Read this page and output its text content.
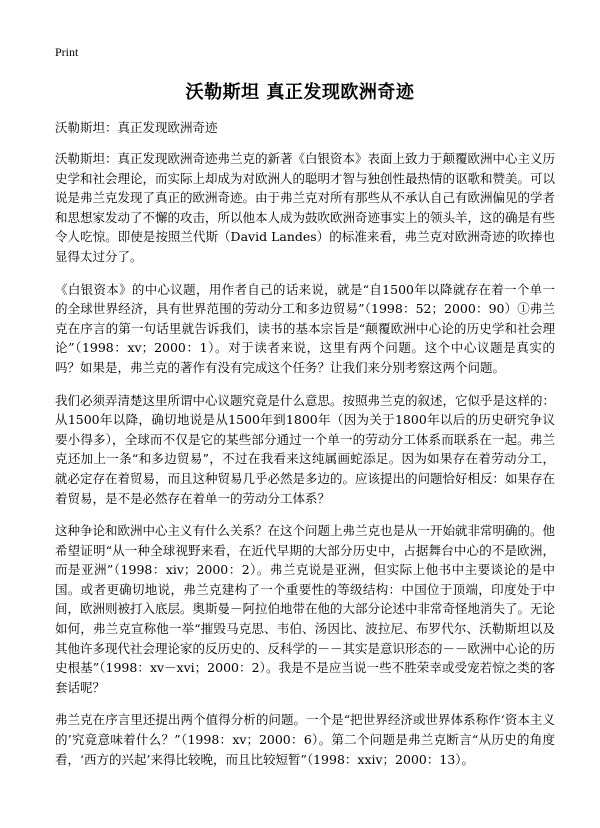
Print
沃勒斯坦 真正发现欧洲奇迹

沃勒斯坦：真正发现欧洲奇迹

沃勒斯坦：真正发现欧洲奇迹弗兰克的新著《白银资本》表面上致力于颠覆欧洲中心主义历史学和社会理论，而实际上却成为对欧洲人的聪明才智与独创性最热情的讴歌和赞美。可以说是弗兰克发现了真正的欧洲奇迹。由于弗兰克对所有那些从不承认自己有欧洲偏见的学者和思想家发动了不懈的攻击，所以他本人成为鼓吹欧洲奇迹事实上的领头羊，这的确是有些令人吃惊。即使是按照兰代斯（David Landes）的标准来看，弗兰克对欧洲奇迹的吹捧也显得太过分了。

《白银资本》的中心议题，用作者自己的话来说，就是“自1500年以降就存在着一个单一的全球世界经济，具有世界范围的劳动分工和多边贸易”（1998：52；2000：90）①弗兰克在序言的第一句话里就告诉我们，读书的基本宗旨是“颠覆欧洲中心论的历史学和社会理论”（1998：xv；2000：1）。对于读者来说，这里有两个问题。这个中心议题是真实的吗？如果是，弗兰克的著作有没有完成这个任务？让我们来分别考察这两个问题。

我们必须弄清楚这里所谓中心议题究竟是什么意思。按照弗兰克的叙述，它似乎是这样的：从1500年以降，确切地说是从1500年到1800年（因为关于1800年以后的历史研究争议要小得多），全球而不仅是它的某些部分通过一个单一的劳动分工体系而联系在一起。弗兰克还加上一条“和多边贸易”，不过在我看来这纯属画蛇添足。因为如果存在着劳动分工，就必定存在着贸易，而且这种贸易几乎必然是多边的。应该提出的问题恰好相反：如果存在着贸易，是不是必然存在着单一的劳动分工体系？

这种争论和欧洲中心主义有什么关系？在这个问题上弗兰克也是从一开始就非常明确的。他希望证明“从一种全球视野来看，在近代早期的大部分历史中，占据舞台中心的不是欧洲，而是亚洲”（1998：xiv；2000：2）。弗兰克说是亚洲，但实际上他书中主要谈论的是中国。或者更确切地说，弗兰克建构了一个重要性的等级结构：中国位于顶端，印度处于中间，欧洲则被打入底层。奥斯曼－阿拉伯地带在他的大部分论述中非常奇怪地消失了。无论如何，弗兰克宣称他一举“摧毁马克思、韦伯、汤因比、波拉尼、布罗代尔、沃勒斯坦以及其他许多现代社会理论家的反历史的、反科学的－－其实是意识形态的－－欧洲中心论的历史根基”（1998：xv－xvi；2000：2）。我是不是应当说一些不胜荣幸或受宠若惊之类的客套话呢？

弗兰克在序言里还提出两个值得分析的问题。一个是“把世界经济或世界体系称作‘资本主义的’究竟意味着什么？”（1998：xv；2000：6）。第二个问题是弗兰克断言“从历史的角度看，‘西方的兴起’来得比较晚，而且比较短暂”（1998：xxiv；2000：13）。
